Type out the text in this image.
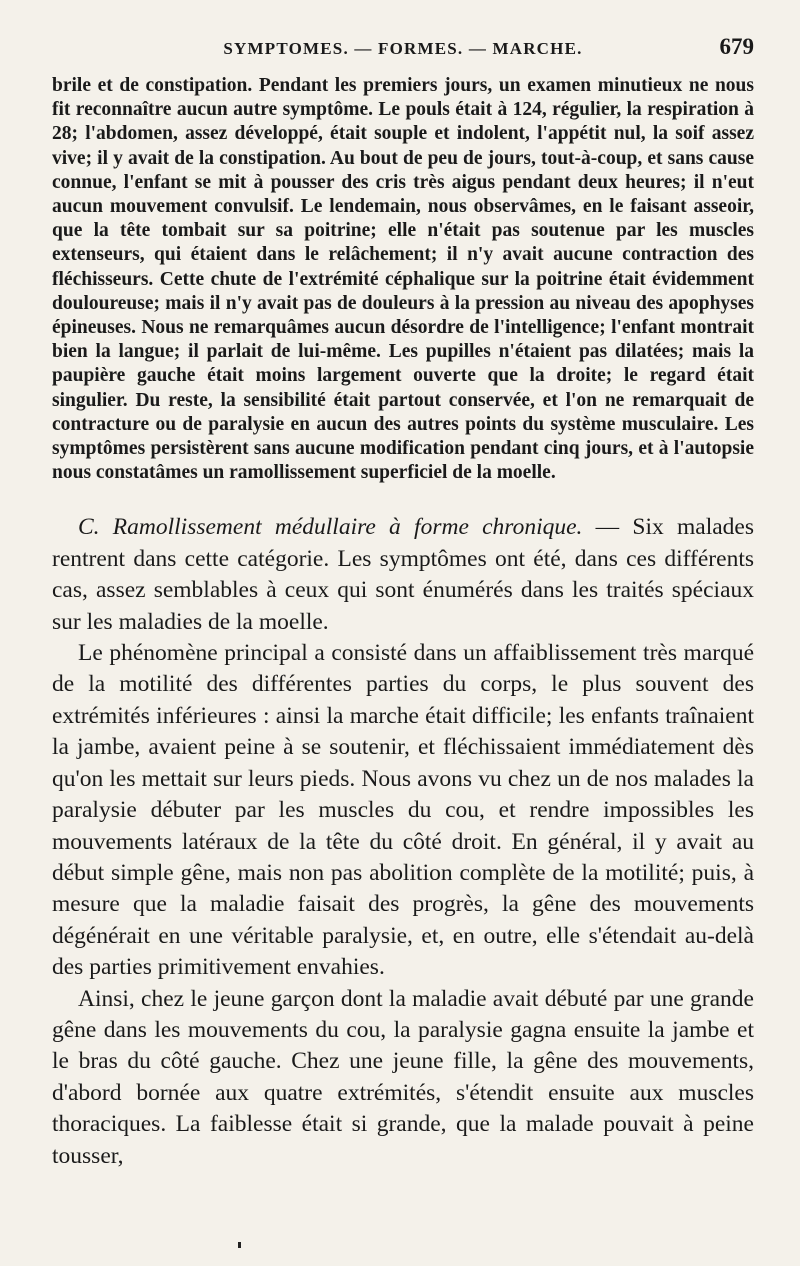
SYMPTOMES. — FORMES. — MARCHE.	679

brile et de constipation. Pendant les premiers jours, un examen minutieux ne nous fit reconnaître aucun autre symptôme. Le pouls était à 124, régulier, la respiration à 28; l'abdomen, assez développé, était souple et indolent, l'appétit nul, la soif assez vive; il y avait de la constipation. Au bout de peu de jours, tout-à-coup, et sans cause connue, l'enfant se mit à pousser des cris très aigus pendant deux heures; il n'eut aucun mouvement convulsif. Le lendemain, nous observâmes, en le faisant asseoir, que la tête tombait sur sa poitrine; elle n'était pas soutenue par les muscles extenseurs, qui étaient dans le relâchement; il n'y avait aucune contraction des fléchisseurs. Cette chute de l'extrémité céphalique sur la poitrine était évidemment douloureuse; mais il n'y avait pas de douleurs à la pression au niveau des apophyses épineuses. Nous ne remarquâmes aucun désordre de l'intelligence; l'enfant montrait bien la langue; il parlait de lui-même. Les pupilles n'étaient pas dilatées; mais la paupière gauche était moins largement ouverte que la droite; le regard était singulier. Du reste, la sensibilité était partout conservée, et l'on ne remarquait de contracture ou de paralysie en aucun des autres points du système musculaire. Les symptômes persistèrent sans aucune modification pendant cinq jours, et à l'autopsie nous constatâmes un ramollissement superficiel de la moelle.

C. Ramollissement médullaire à forme chronique. — Six malades rentrent dans cette catégorie. Les symptômes ont été, dans ces différents cas, assez semblables à ceux qui sont énumérés dans les traités spéciaux sur les maladies de la moelle.

Le phénomène principal a consisté dans un affaiblissement très marqué de la motilité des différentes parties du corps, le plus souvent des extrémités inférieures : ainsi la marche était difficile; les enfants traînaient la jambe, avaient peine à se soutenir, et fléchissaient immédiatement dès qu'on les mettait sur leurs pieds. Nous avons vu chez un de nos malades la paralysie débuter par les muscles du cou, et rendre impossibles les mouvements latéraux de la tête du côté droit. En général, il y avait au début simple gêne, mais non pas abolition complète de la motilité; puis, à mesure que la maladie faisait des progrès, la gêne des mouvements dégénérait en une véritable paralysie, et, en outre, elle s'étendait au-delà des parties primitivement envahies.

Ainsi, chez le jeune garçon dont la maladie avait débuté par une grande gêne dans les mouvements du cou, la paralysie gagna ensuite la jambe et le bras du côté gauche. Chez une jeune fille, la gêne des mouvements, d'abord bornée aux quatre extrémités, s'étendit ensuite aux muscles thoraciques. La faiblesse était si grande, que la malade pouvait à peine tousser,
